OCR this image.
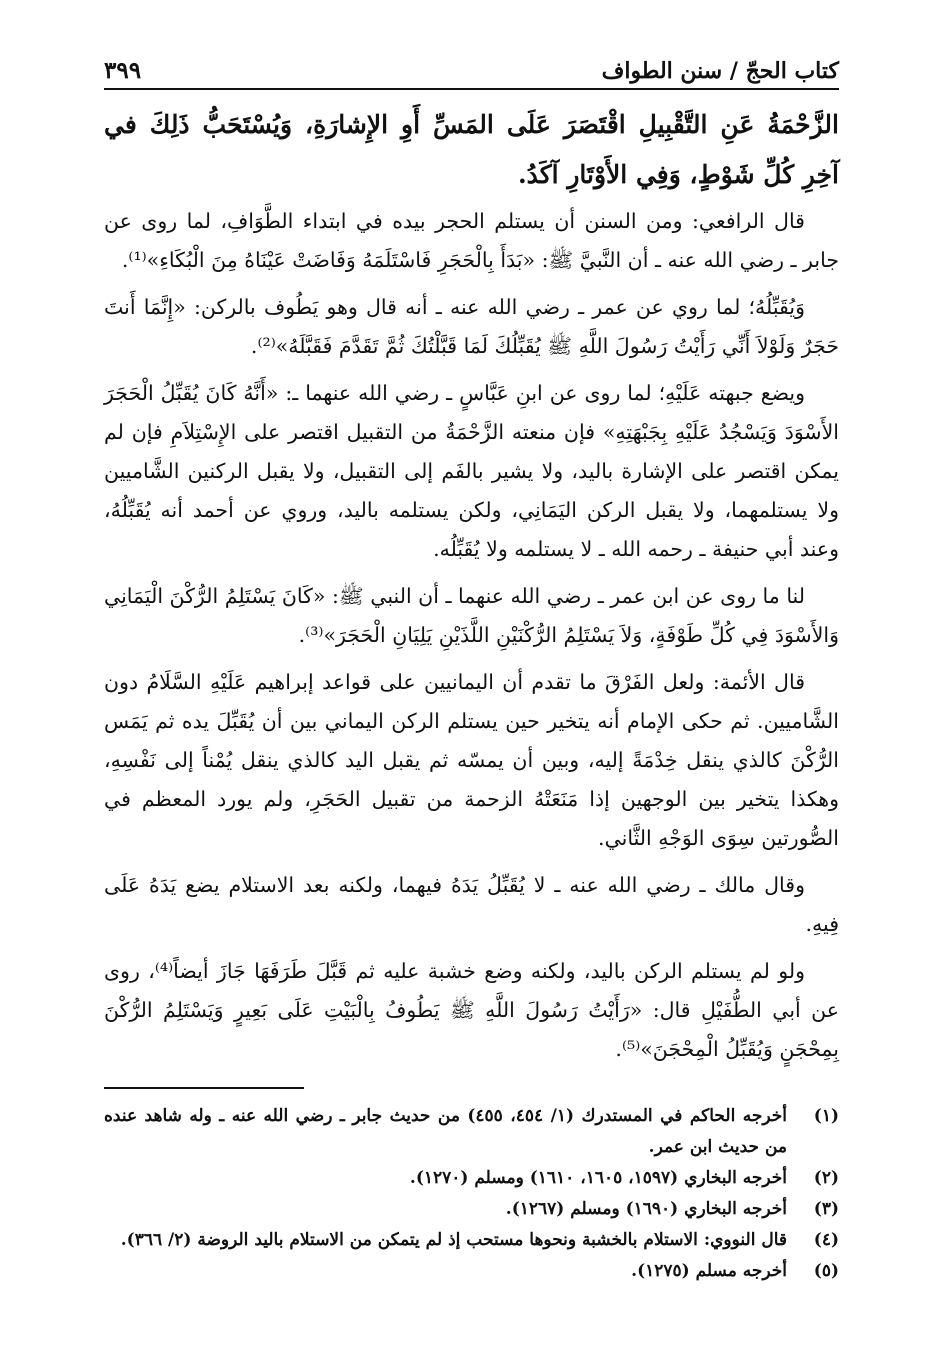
كتاب الحجّ / سنن الطواف
٣٩٩

الزَّحْمَةُ عَنِ التَّقْبِيلِ اقْتَصَرَ عَلَى المَسِّ أَوِ الإِشارَةِ، وَيُسْتَحَبُّ ذَلِكَ في آخِرِ كُلِّ شَوْطٍ، وَفِي الأَوْتَارِ آكَدُ.

قال الرافعي: ومن السنن أن يستلم الحجر بيده في ابتداء الطَّوَافِ، لما روى عن جابر ـ رضي الله عنه ـ أن النَّبيَّ ﷺ: «بَدَأَ بِالْحَجَرِ فَاسْتَلَمَهُ وَفَاضَتْ عَيْنَاهُ مِنَ الْبُكَاءِ»⁽¹⁾.

وَيُقَبِّلُهُ؛ لما روي عن عمر ـ رضي الله عنه ـ أنه قال وهو يَطُوف بالركن: «إِنَّمَا أَنتَ حَجَرٌ وَلَوْلاَ أَنِّي رَأَيْتُ رَسُولَ اللَّهِ ﷺ يُقَبِّلُكَ لَمَا قَبَّلْتُكَ ثُمَّ تَقَدَّمَ فَقَبَّلَهُ»⁽²⁾.

ويضع جبهته عَلَيْهِ؛ لما روى عن ابنِ عَبَّاسٍ ـ رضي الله عنهما ـ: «أَنَّهُ كَانَ يُقَبِّلُ الْحَجَرَ الأَسْوَدَ وَيَسْجُدُ عَلَيْهِ بِجَبْهَتِهِ» فإن منعته الزَّحْمَةُ من التقبيل اقتصر على الإِسْتِلاَمِ فإن لم يمكن اقتصر على الإشارة باليد، ولا يشير بالفَم إلى التقبيل، ولا يقبل الركنين الشَّاميين ولا يستلمهما، ولا يقبل الركن اليَمَانِي، ولكن يستلمه باليد، وروي عن أحمد أنه يُقَبِّلُهُ، وعند أبي حنيفة ـ رحمه الله ـ لا يستلمه ولا يُقَبِّلُه.

لنا ما روى عن ابن عمر ـ رضي الله عنهما ـ أن النبي ﷺ: «كَانَ يَسْتَلِمُ الرُّكْنَ الْيَمَانِي وَالأَسْوَدَ فِي كُلِّ طَوْفَةٍ، وَلاَ يَسْتَلِمُ الرُّكْنَيْنِ اللَّذَيْنِ يَلِيَانِ الْحَجَرَ»⁽³⁾.

قال الأئمة: ولعل الفَرْقَ ما تقدم أن اليمانيين على قواعد إبراهيم عَلَيْهِ السَّلَامُ دون الشَّاميين. ثم حكى الإمام أنه يتخير حين يستلم الركن اليماني بين أن يُقَبِّلَ يده ثم يَمَس الرُّكْنَ كالذي ينقل خِدْمَةً إليه، وبين أن يمسّه ثم يقبل اليد كالذي ينقل يُمْناً إلى نَفْسِهِ، وهكذا يتخير بين الوجهين إذا مَنَعَتْهُ الزحمة من تقبيل الحَجَرِ، ولم يورد المعظم في الصُّورتين سِوَى الوَجْهِ الثَّاني.

وقال مالك ـ رضي الله عنه ـ لا يُقَبِّلُ يَدَهُ فيهما، ولكنه بعد الاستلام يضع يَدَهُ عَلَى فِيهِ.

ولو لم يستلم الركن باليد، ولكنه وضع خشبة عليه ثم قَبَّلَ طَرَفَهَا جَازَ أيضاً⁽⁴⁾، روى عن أبي الطُّفَيْلِ قال: «رَأَيْتُ رَسُولَ اللَّهِ ﷺ يَطُوفُ بِالْبَيْتِ عَلَى بَعِيرٍ وَيَسْتَلِمُ الرُّكْنَ بِمِحْجَنٍ وَيُقَبِّلُ الْمِحْجَنَ»⁽⁵⁾.

(١)
أخرجه الحاكم في المستدرك (١/ ٤٥٤، ٤٥٥) من حديث جابر ـ رضي الله عنه ـ وله شاهد عنده من حديث ابن عمر.
(٢)
أخرجه البخاري (١٥٩٧، ١٦٠٥، ١٦١٠) ومسلم (١٢٧٠).
(٣)
أخرجه البخاري (١٦٩٠) ومسلم (١٢٦٧).
(٤)
قال النووي: الاستلام بالخشبة ونحوها مستحب إذ لم يتمكن من الاستلام باليد الروضة (٢/ ٣٦٦).
(٥)
أخرجه مسلم (١٢٧٥).
